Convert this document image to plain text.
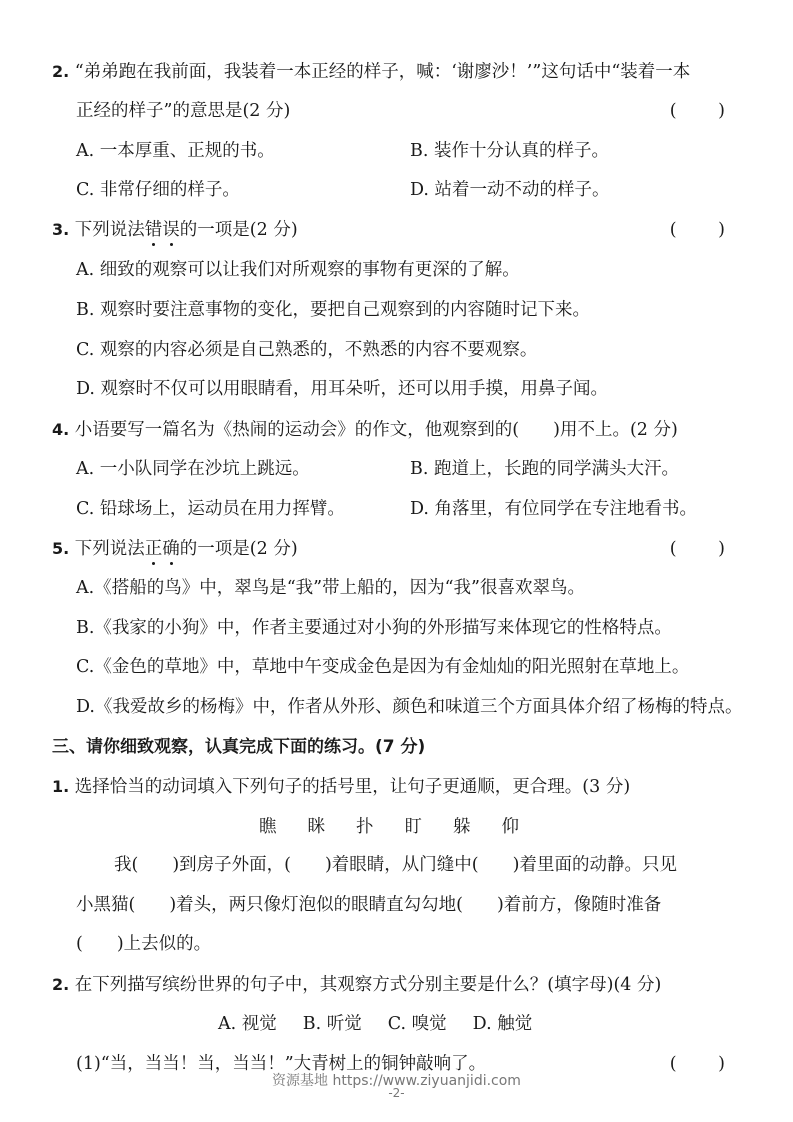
2. “弟弟跑在我前面，我装着一本正经的样子，喊：‘谢廖沙！’”这句话中“装着一本
正经的样子”的意思是(2 分)	( )
A. 一本厚重、正规的书。	B. 装作十分认真的样子。
C. 非常仔细的样子。	D. 站着一动不动的样子。
3. 下列说法错误的一项是(2 分)	( )
A. 细致的观察可以让我们对所观察的事物有更深的了解。
B. 观察时要注意事物的变化，要把自己观察到的内容随时记下来。
C. 观察的内容必须是自己熟悉的，不熟悉的内容不要观察。
D. 观察时不仅可以用眼睛看，用耳朵听，还可以用手摸，用鼻子闻。
4. 小语要写一篇名为《热闹的运动会》的作文，他观察到的( )用不上。(2 分)
A. 一小队同学在沙坑上跳远。	B. 跑道上，长跑的同学满头大汗。
C. 铅球场上，运动员在用力挥臂。	D. 角落里，有位同学在专注地看书。
5. 下列说法正确的一项是(2 分)	( )
A.《搭船的鸟》中，翠鸟是“我”带上船的，因为“我”很喜欢翠鸟。
B.《我家的小狗》中，作者主要通过对小狗的外形描写来体现它的性格特点。
C.《金色的草地》中，草地中午变成金色是因为有金灿灿的阳光照射在草地上。
D.《我爱故乡的杨梅》中，作者从外形、颜色和味道三个方面具体介绍了杨梅的特点。
三、请你细致观察，认真完成下面的练习。(7 分)
1. 选择恰当的动词填入下列句子的括号里，让句子更通顺，更合理。(3 分)
瞧 眯 扑 盯 躲 仰
我( )到房子外面，( )着眼睛，从门缝中( )着里面的动静。只见
小黑猫( )着头，两只像灯泡似的眼睛直勾勾地( )着前方，像随时准备
( )上去似的。
2. 在下列描写缤纷世界的句子中，其观察方式分别主要是什么？(填字母)(4 分)
A. 视觉 B. 听觉 C. 嗅觉 D. 触觉
(1)“当，当当！当，当当！”大青树上的铜钟敲响了。	( )
资源基地 https://www.ziyuanjidi.com
-2-
